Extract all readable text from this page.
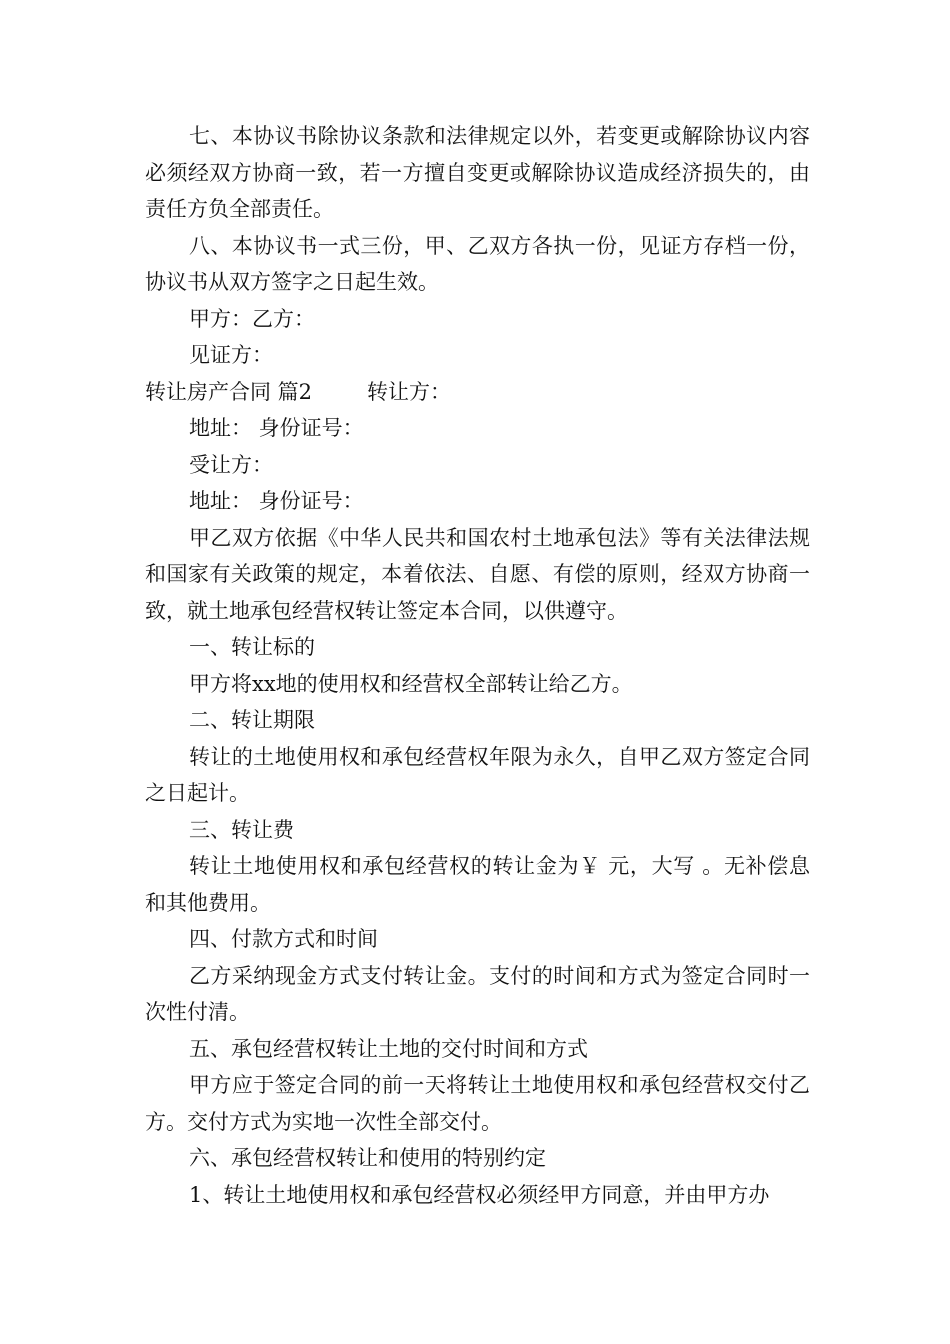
七、本协议书除协议条款和法律规定以外，若变更或解除协议内容必须经双方协商一致，若一方擅自变更或解除协议造成经济损失的，由责任方负全部责任。

八、本协议书一式三份，甲、乙双方各执一份，见证方存档一份，协议书从双方签字之日起生效。

甲方：乙方：

见证方：

转让房产合同 篇2	转让方：

地址： 身份证号：

受让方：

地址： 身份证号：

甲乙双方依据《中华人民共和国农村土地承包法》等有关法律法规和国家有关政策的规定，本着依法、自愿、有偿的原则，经双方协商一致，就土地承包经营权转让签定本合同，以供遵守。

一、转让标的

甲方将xx地的使用权和经营权全部转让给乙方。

二、转让期限

转让的土地使用权和承包经营权年限为永久，自甲乙双方签定合同之日起计。

三、转让费

转让土地使用权和承包经营权的转让金为￥ 元，大写 。无补偿息和其他费用。

四、付款方式和时间

乙方采纳现金方式支付转让金。支付的时间和方式为签定合同时一次性付清。

五、承包经营权转让土地的交付时间和方式

甲方应于签定合同的前一天将转让土地使用权和承包经营权交付乙方。交付方式为实地一次性全部交付。

六、承包经营权转让和使用的特别约定

1、转让土地使用权和承包经营权必须经甲方同意，并由甲方办
